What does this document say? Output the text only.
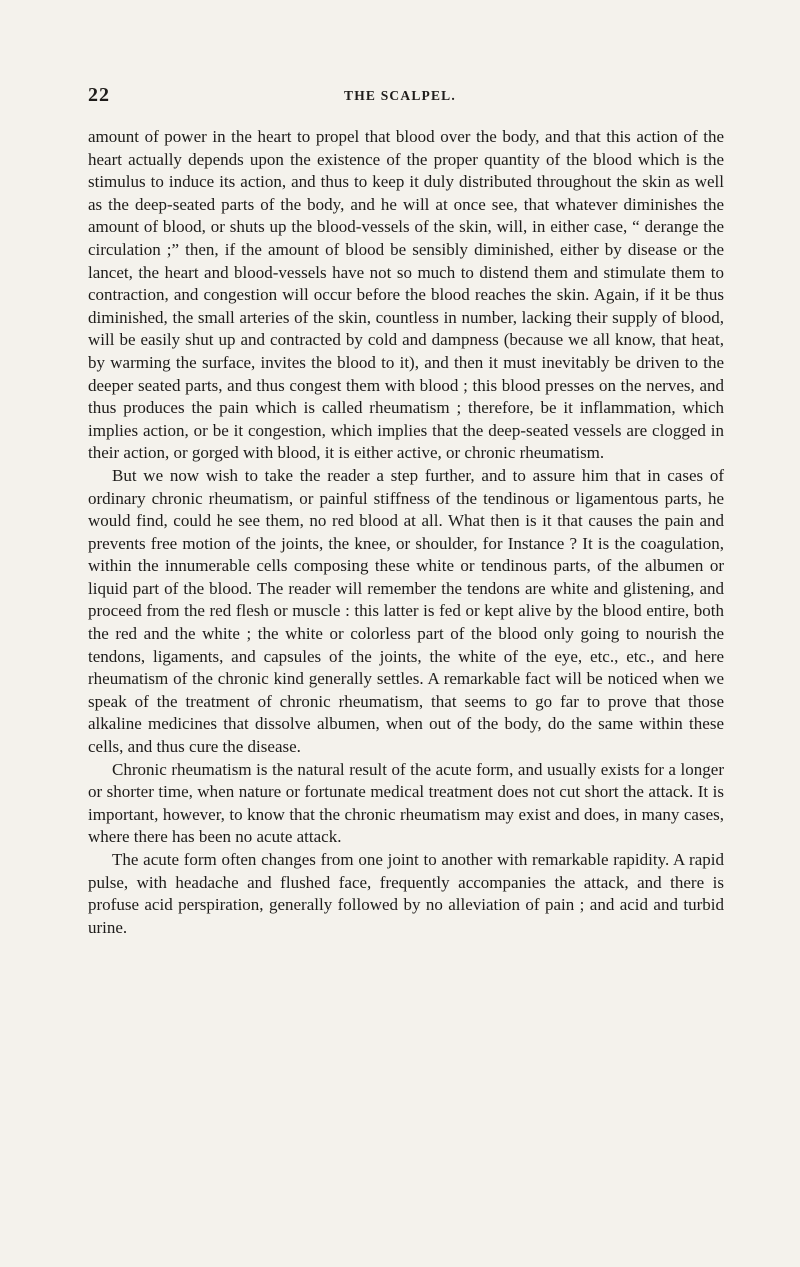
22	THE SCALPEL.

amount of power in the heart to propel that blood over the body, and that this action of the heart actually depends upon the existence of the proper quantity of the blood which is the stimulus to induce its action, and thus to keep it duly distributed throughout the skin as well as the deep-seated parts of the body, and he will at once see, that whatever diminishes the amount of blood, or shuts up the blood-vessels of the skin, will, in either case, “ derange the circulation ;” then, if the amount of blood be sensibly diminished, either by disease or the lancet, the heart and blood-vessels have not so much to distend them and stimulate them to contraction, and congestion will occur before the blood reaches the skin. Again, if it be thus diminished, the small arteries of the skin, countless in number, lacking their supply of blood, will be easily shut up and contracted by cold and dampness (because we all know, that heat, by warming the surface, invites the blood to it), and then it must inevitably be driven to the deeper seated parts, and thus congest them with blood ; this blood presses on the nerves, and thus produces the pain which is called rheumatism ; therefore, be it inflammation, which implies action, or be it congestion, which implies that the deep-seated vessels are clogged in their action, or gorged with blood, it is either active, or chronic rheumatism.

But we now wish to take the reader a step further, and to assure him that in cases of ordinary chronic rheumatism, or painful stiffness of the tendinous or ligamentous parts, he would find, could he see them, no red blood at all. What then is it that causes the pain and prevents free motion of the joints, the knee, or shoulder, for Instance ? It is the coagulation, within the innumerable cells composing these white or tendinous parts, of the albumen or liquid part of the blood. The reader will remember the tendons are white and glistening, and proceed from the red flesh or muscle : this latter is fed or kept alive by the blood entire, both the red and the white ; the white or colorless part of the blood only going to nourish the tendons, ligaments, and capsules of the joints, the white of the eye, etc., etc., and here rheumatism of the chronic kind generally settles. A remarkable fact will be noticed when we speak of the treatment of chronic rheumatism, that seems to go far to prove that those alkaline medicines that dissolve albumen, when out of the body, do the same within these cells, and thus cure the disease.

Chronic rheumatism is the natural result of the acute form, and usually exists for a longer or shorter time, when nature or fortunate medical treatment does not cut short the attack. It is important, however, to know that the chronic rheumatism may exist and does, in many cases, where there has been no acute attack.

The acute form often changes from one joint to another with remarkable rapidity. A rapid pulse, with headache and flushed face, frequently accompanies the attack, and there is profuse acid perspiration, generally followed by no alleviation of pain ; and acid and turbid urine.
